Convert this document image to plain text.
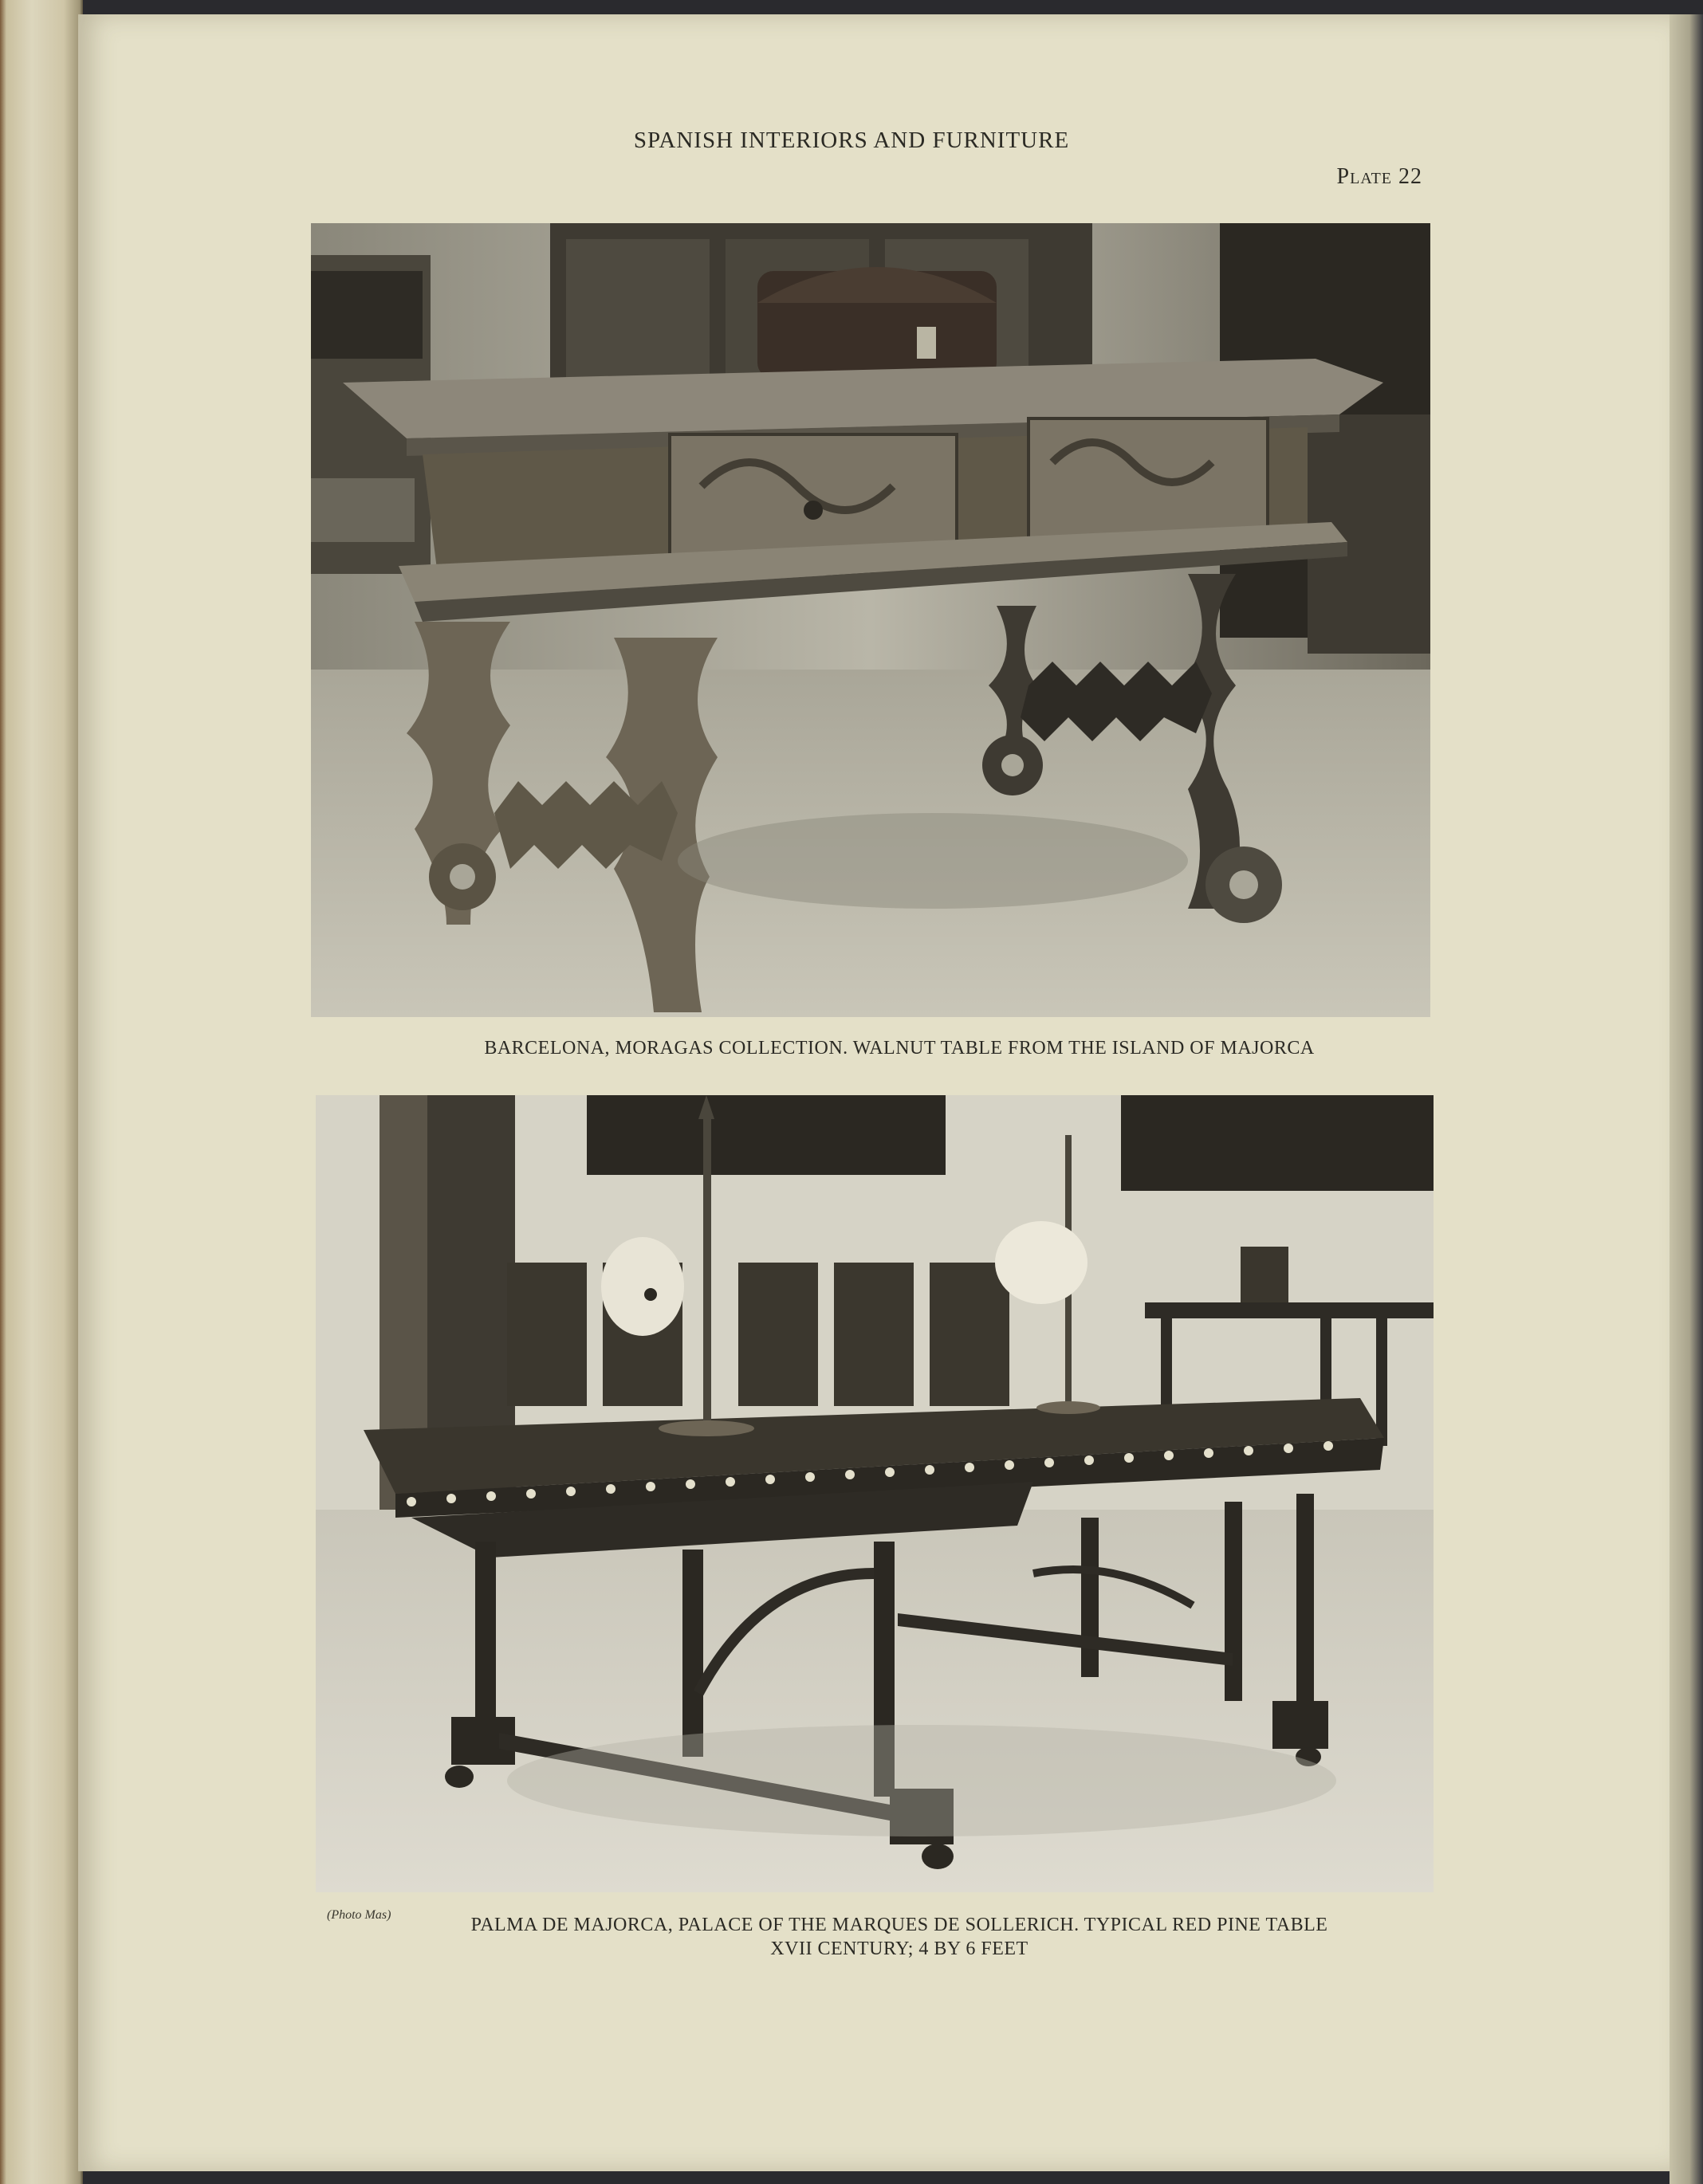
SPANISH INTERIORS AND FURNITURE
Plate 22
BARCELONA, MORAGAS COLLECTION. WALNUT TABLE FROM THE ISLAND OF MAJORCA
(Photo Mas)	PALMA DE MAJORCA, PALACE OF THE MARQUES DE SOLLERICH. TYPICAL RED PINE TABLE
XVII CENTURY; 4 BY 6 FEET
